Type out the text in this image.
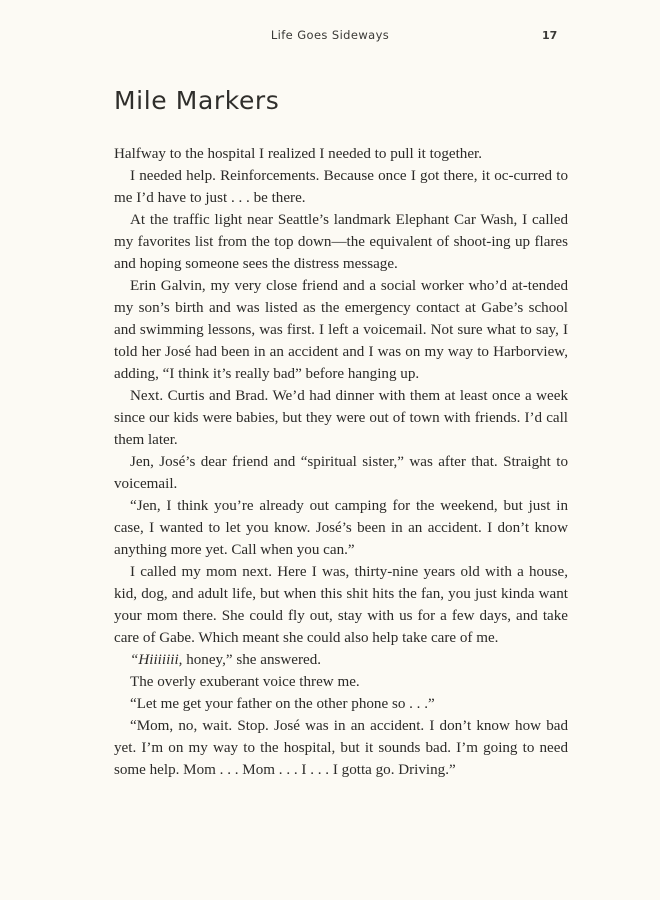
Life Goes Sideways	17
Mile Markers

Halfway to the hospital I realized I needed to pull it together.

I needed help. Reinforcements. Because once I got there, it oc-curred to me I’d have to just . . . be there.

At the traffic light near Seattle’s landmark Elephant Car Wash, I called my favorites list from the top down—the equivalent of shoot-ing up flares and hoping someone sees the distress message.

Erin Galvin, my very close friend and a social worker who’d at-tended my son’s birth and was listed as the emergency contact at Gabe’s school and swimming lessons, was first. I left a voicemail. Not sure what to say, I told her José had been in an accident and I was on my way to Harborview, adding, “I think it’s really bad” before hanging up.

Next. Curtis and Brad. We’d had dinner with them at least once a week since our kids were babies, but they were out of town with friends. I’d call them later.

Jen, José’s dear friend and “spiritual sister,” was after that. Straight to voicemail.

“Jen, I think you’re already out camping for the weekend, but just in case, I wanted to let you know. José’s been in an accident. I don’t know anything more yet. Call when you can.”

I called my mom next. Here I was, thirty-nine years old with a house, kid, dog, and adult life, but when this shit hits the fan, you just kinda want your mom there. She could fly out, stay with us for a few days, and take care of Gabe. Which meant she could also help take care of me.

“Hiiiiiii, honey,” she answered.

The overly exuberant voice threw me.

“Let me get your father on the other phone so . . .”

“Mom, no, wait. Stop. José was in an accident. I don’t know how bad yet. I’m on my way to the hospital, but it sounds bad. I’m going to need some help. Mom . . . Mom . . . I . . . I gotta go. Driving.”
